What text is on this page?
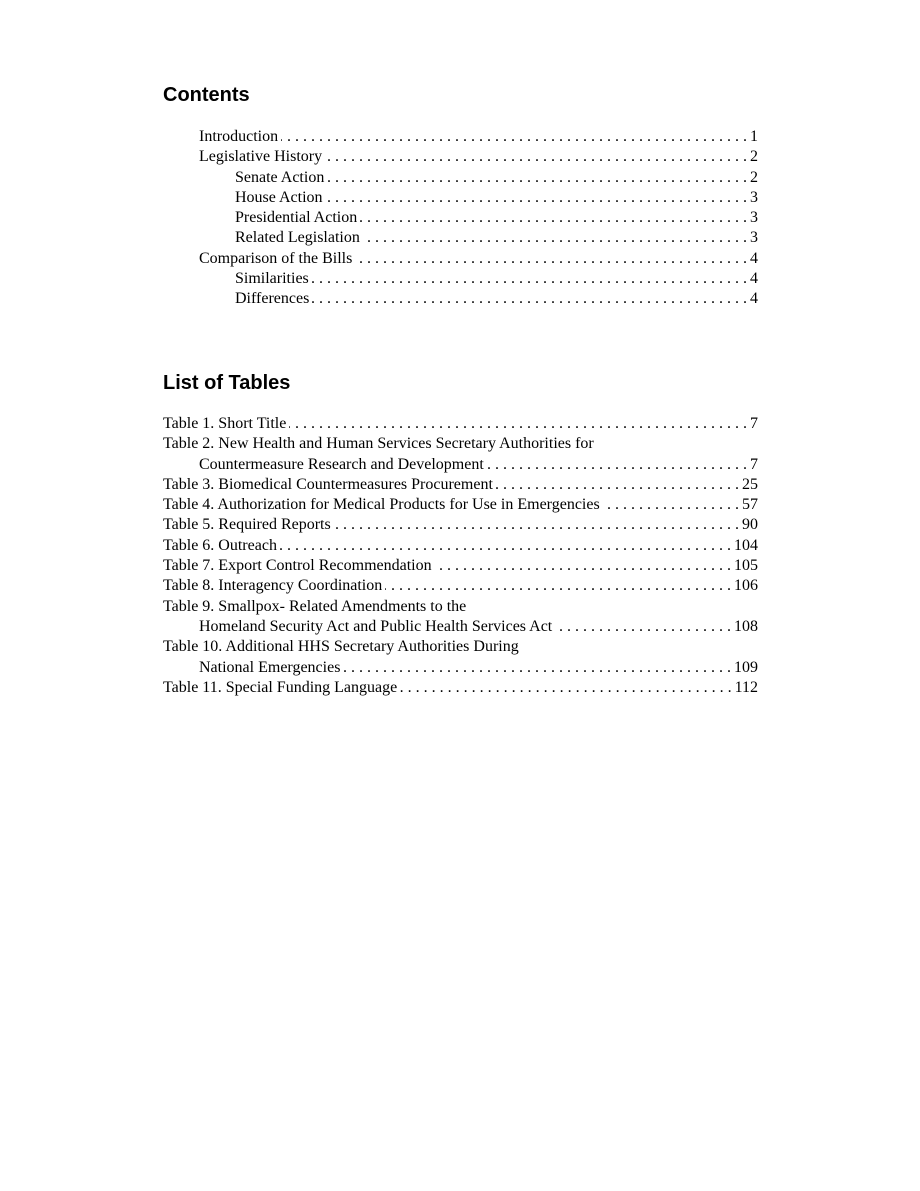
Contents
Introduction . . .	1
Legislative History . . .	2
Senate Action . . .	2
House Action . . .	3
Presidential Action . . .	3
Related Legislation . . .	3
Comparison of the Bills . . .	4
Similarities . . .	4
Differences . . .	4
List of Tables
Table 1. Short Title . . .	7
Table 2. New Health and Human Services Secretary Authorities for
Countermeasure Research and Development . . .	7
Table 3. Biomedical Countermeasures Procurement . . .	25
Table 4. Authorization for Medical Products for Use in Emergencies . . .	57
Table 5. Required Reports . . .	90
Table 6. Outreach . . .	104
Table 7. Export Control Recommendation . . .	105
Table 8. Interagency Coordination . . .	106
Table 9. Smallpox- Related Amendments to the
Homeland Security Act and Public Health Services Act . . .	108
Table 10. Additional HHS Secretary Authorities During
National Emergencies . . .	109
Table 11. Special Funding Language . . .	112
